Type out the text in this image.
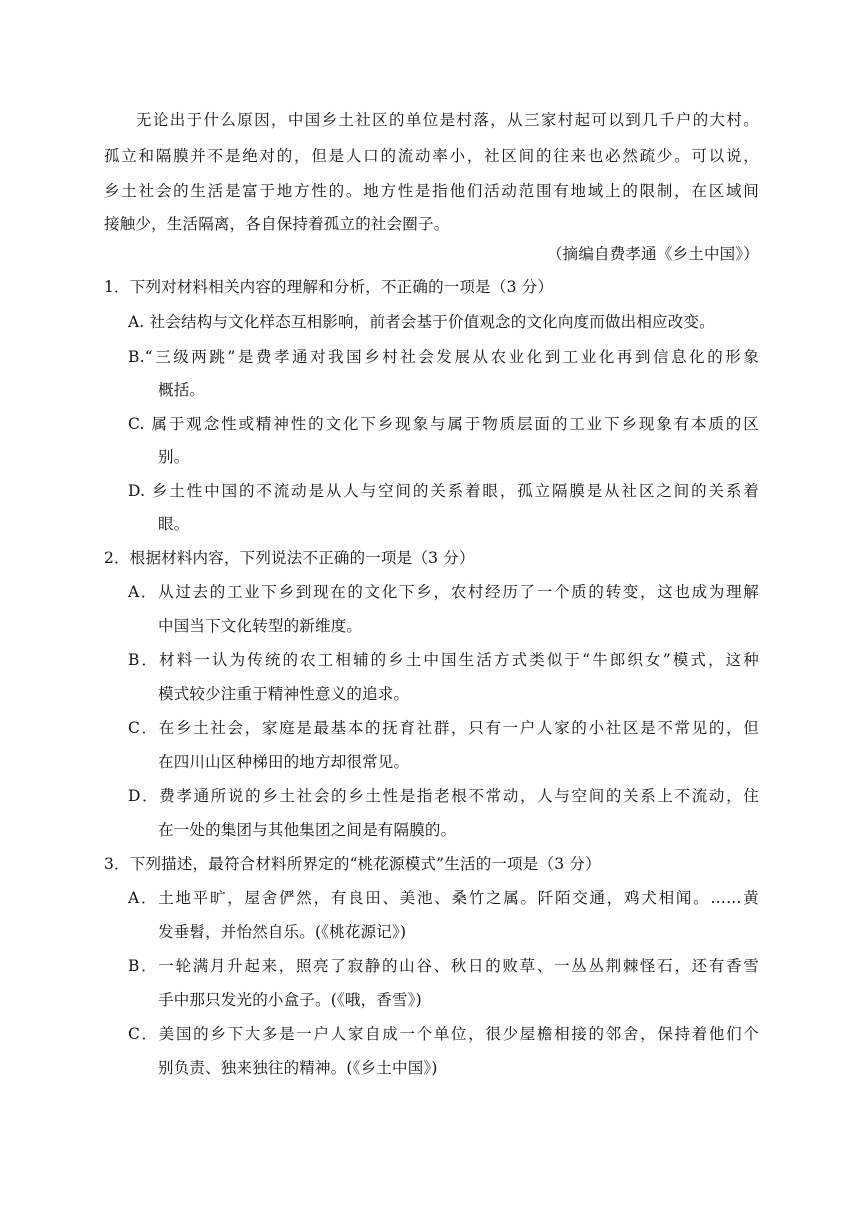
无论出于什么原因，中国乡土社区的单位是村落，从三家村起可以到几千户的大村。
孤立和隔膜并不是绝对的，但是人口的流动率小，社区间的往来也必然疏少。可以说，
乡土社会的生活是富于地方性的。地方性是指他们活动范围有地域上的限制，在区域间
接触少，生活隔离，各自保持着孤立的社会圈子。
（摘编自费孝通《乡土中国》）
1．下列对材料相关内容的理解和分析，不正确的一项是（3 分）
A. 社会结构与文化样态互相影响，前者会基于价值观念的文化向度而做出相应改变。
B.“三级两跳”是费孝通对我国乡村社会发展从农业化到工业化再到信息化的形象
概括。
C. 属于观念性或精神性的文化下乡现象与属于物质层面的工业下乡现象有本质的区
别。
D. 乡土性中国的不流动是从人与空间的关系着眼，孤立隔膜是从社区之间的关系着
眼。
2．根据材料内容，下列说法不正确的一项是（3 分）
A．从过去的工业下乡到现在的文化下乡，农村经历了一个质的转变，这也成为理解
中国当下文化转型的新维度。
B．材料一认为传统的农工相辅的乡土中国生活方式类似于“牛郎织女”模式，这种
模式较少注重于精神性意义的追求。
C．在乡土社会，家庭是最基本的抚育社群，只有一户人家的小社区是不常见的，但
在四川山区种梯田的地方却很常见。
D．费孝通所说的乡土社会的乡土性是指老根不常动，人与空间的关系上不流动，住
在一处的集团与其他集团之间是有隔膜的。
3．下列描述，最符合材料所界定的“桃花源模式”生活的一项是（3 分）
A．土地平旷，屋舍俨然，有良田、美池、桑竹之属。阡陌交通，鸡犬相闻。……黄
发垂髫，并怡然自乐。(《桃花源记》)
B．一轮满月升起来，照亮了寂静的山谷、秋日的败草、一丛丛荆棘怪石，还有香雪
手中那只发光的小盒子。(《哦，香雪》)
C．美国的乡下大多是一户人家自成一个单位，很少屋檐相接的邻舍，保持着他们个
别负责、独来独往的精神。(《乡土中国》)
